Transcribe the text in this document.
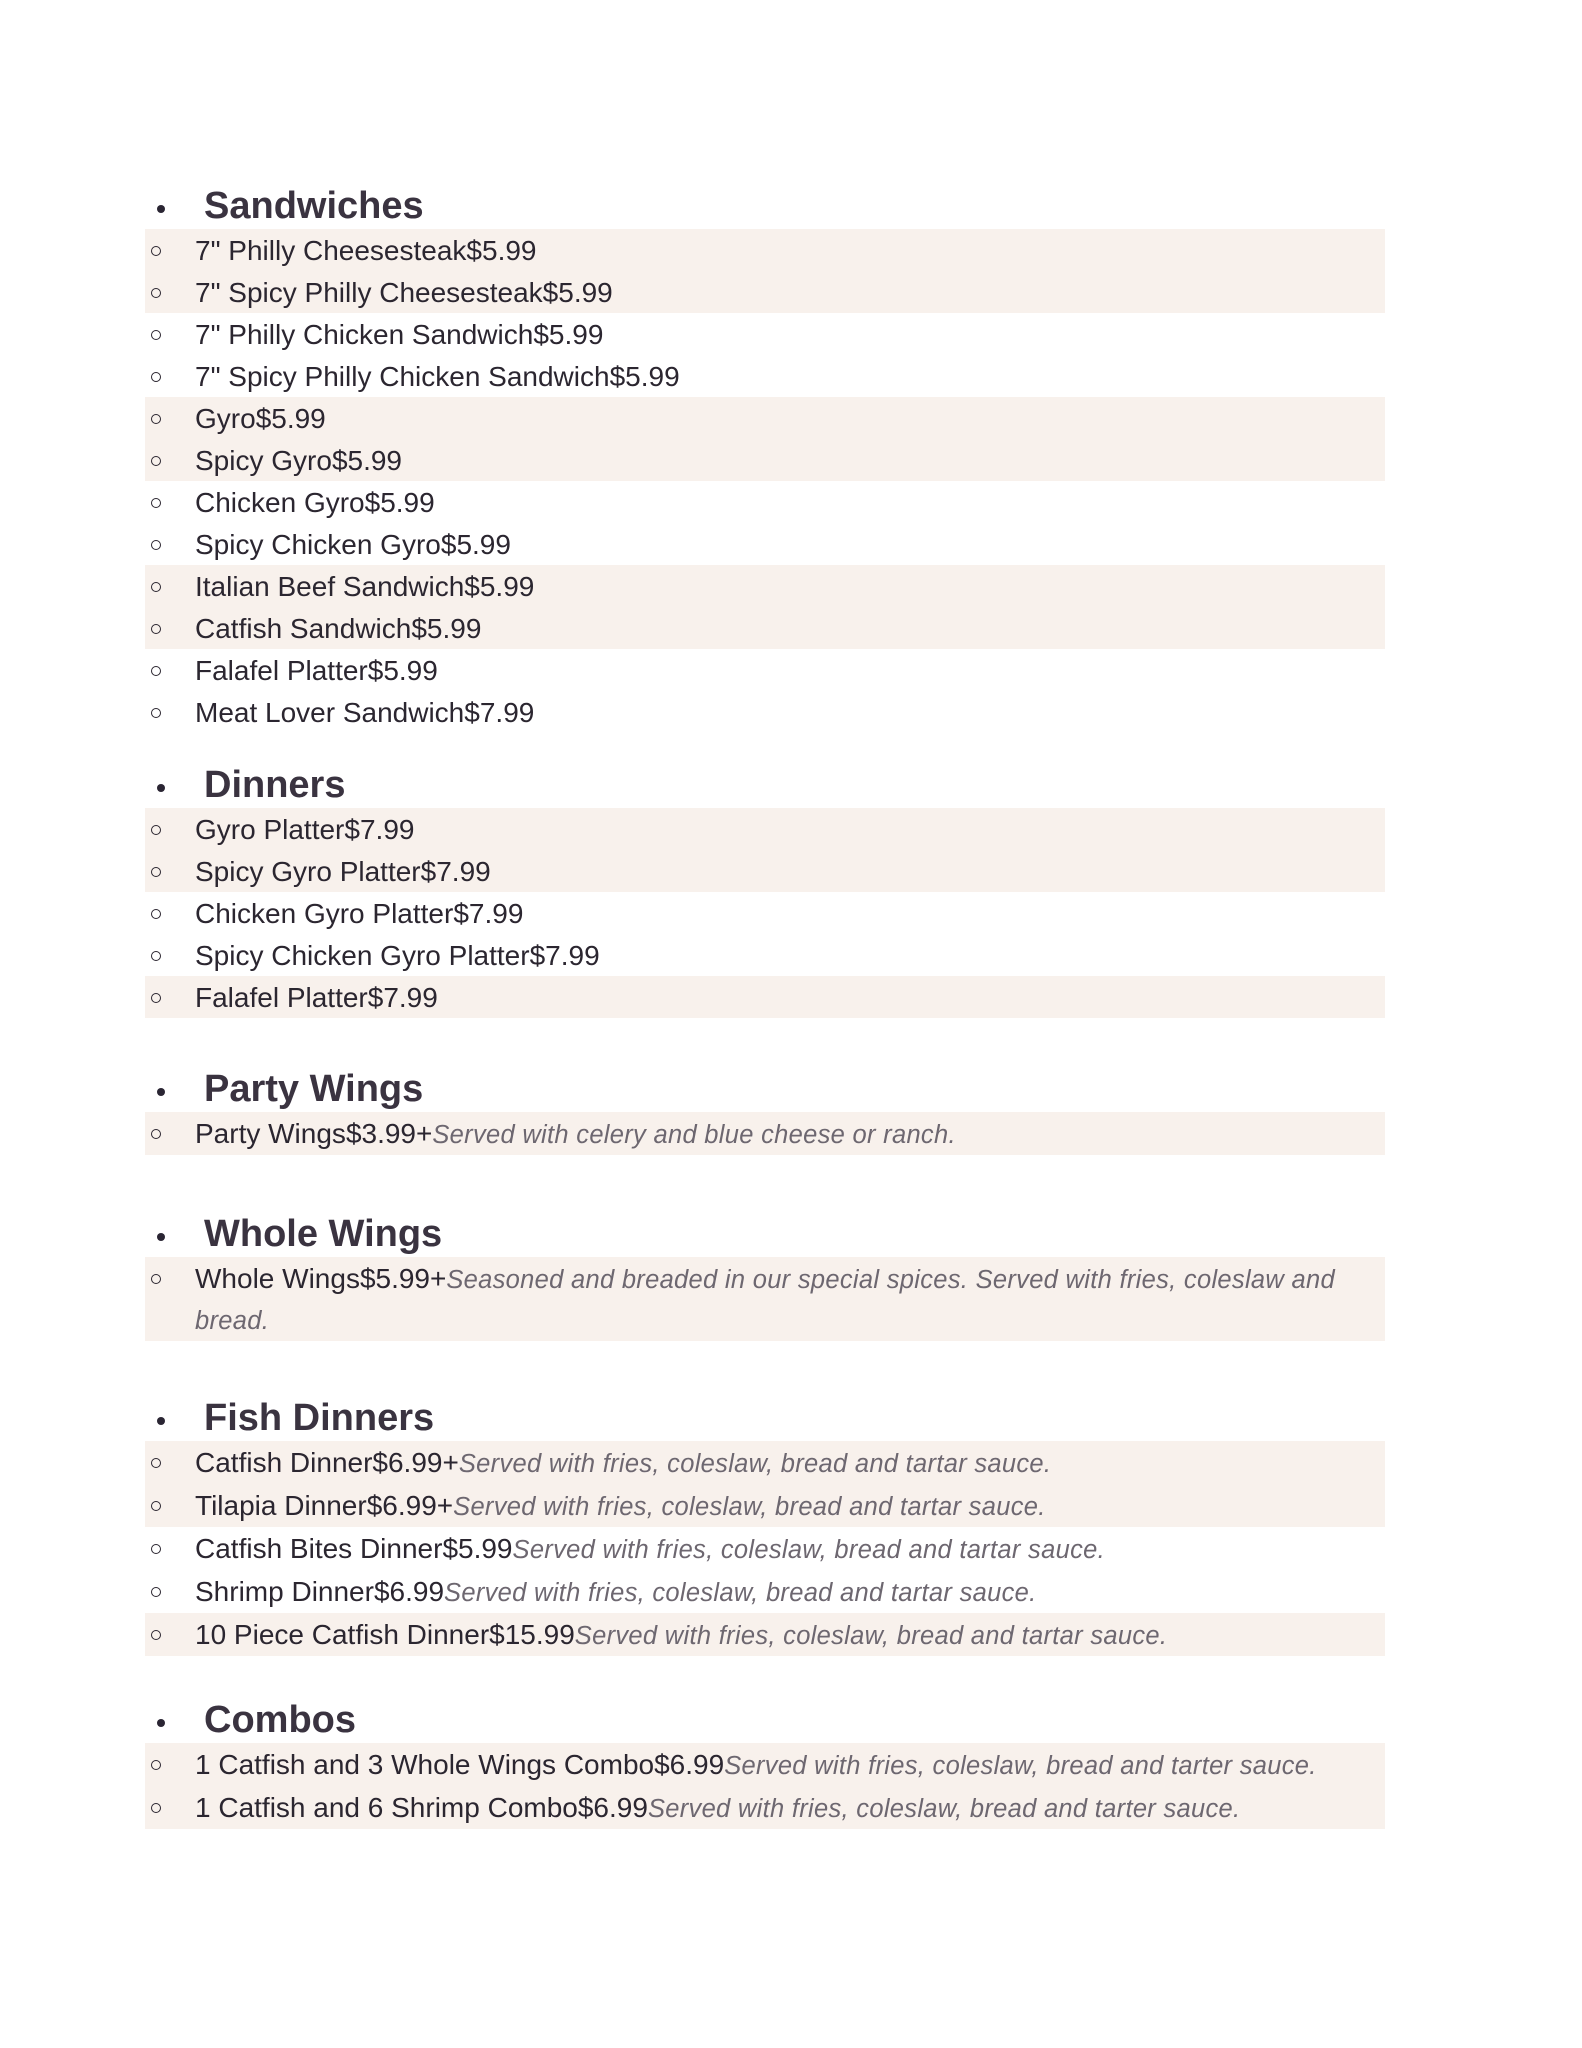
Sandwiches
7" Philly Cheesesteak$5.99
7" Spicy Philly Cheesesteak$5.99
7" Philly Chicken Sandwich$5.99
7" Spicy Philly Chicken Sandwich$5.99
Gyro$5.99
Spicy Gyro$5.99
Chicken Gyro$5.99
Spicy Chicken Gyro$5.99
Italian Beef Sandwich$5.99
Catfish Sandwich$5.99
Falafel Platter$5.99
Meat Lover Sandwich$7.99
Dinners
Gyro Platter$7.99
Spicy Gyro Platter$7.99
Chicken Gyro Platter$7.99
Spicy Chicken Gyro Platter$7.99
Falafel Platter$7.99
Party Wings
Party Wings$3.99+Served with celery and blue cheese or ranch.
Whole Wings
Whole Wings$5.99+Seasoned and breaded in our special spices. Served with fries, coleslaw and bread.
Fish Dinners
Catfish Dinner$6.99+Served with fries, coleslaw, bread and tartar sauce.
Tilapia Dinner$6.99+Served with fries, coleslaw, bread and tartar sauce.
Catfish Bites Dinner$5.99Served with fries, coleslaw, bread and tartar sauce.
Shrimp Dinner$6.99Served with fries, coleslaw, bread and tartar sauce.
10 Piece Catfish Dinner$15.99Served with fries, coleslaw, bread and tartar sauce.
Combos
1 Catfish and 3 Whole Wings Combo$6.99Served with fries, coleslaw, bread and tarter sauce.
1 Catfish and 6 Shrimp Combo$6.99Served with fries, coleslaw, bread and tarter sauce.
